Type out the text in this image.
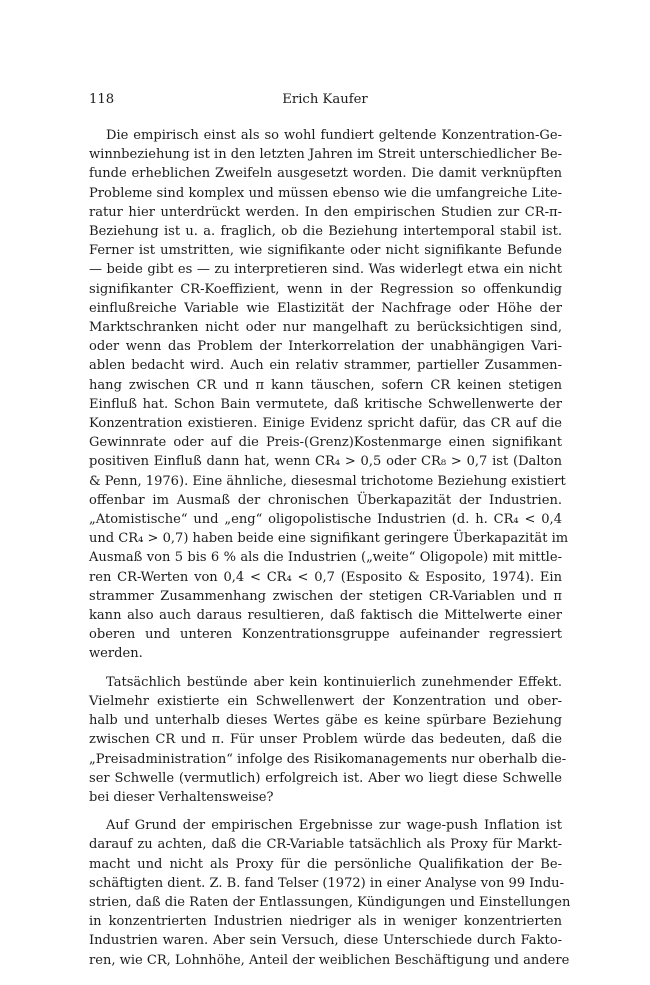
118	Erich Kaufer
Die empirisch einst als so wohl fundiert geltende Konzentration-Ge-
winnbeziehung ist in den letzten Jahren im Streit unterschiedlicher Be-
funde erheblichen Zweifeln ausgesetzt worden. Die damit verknüpften
Probleme sind komplex und müssen ebenso wie die umfangreiche Lite-
ratur hier unterdrückt werden. In den empirischen Studien zur CR-π-
Beziehung ist u. a. fraglich, ob die Beziehung intertemporal stabil ist.
Ferner ist umstritten, wie signifikante oder nicht signifikante Befunde
— beide gibt es — zu interpretieren sind. Was widerlegt etwa ein nicht
signifikanter CR-Koeffizient, wenn in der Regression so offenkundig
einflußreiche Variable wie Elastizität der Nachfrage oder Höhe der
Marktschranken nicht oder nur mangelhaft zu berücksichtigen sind,
oder wenn das Problem der Interkorrelation der unabhängigen Vari-
ablen bedacht wird. Auch ein relativ strammer, partieller Zusammen-
hang zwischen CR und π kann täuschen, sofern CR keinen stetigen
Einfluß hat. Schon Bain vermutete, daß kritische Schwellenwerte der
Konzentration existieren. Einige Evidenz spricht dafür, das CR auf die
Gewinnrate oder auf die Preis-(Grenz)Kostenmarge einen signifikant
positiven Einfluß dann hat, wenn CR₄ > 0,5 oder CR₈ > 0,7 ist (Dalton
& Penn, 1976). Eine ähnliche, diesesmal trichotome Beziehung existiert
offenbar im Ausmaß der chronischen Überkapazität der Industrien.
„Atomistische“ und „eng“ oligopolistische Industrien (d. h. CR₄ < 0,4
und CR₄ > 0,7) haben beide eine signifikant geringere Überkapazität im
Ausmaß von 5 bis 6 % als die Industrien („weite“ Oligopole) mit mittle-
ren CR-Werten von 0,4 < CR₄ < 0,7 (Esposito & Esposito, 1974). Ein
strammer Zusammenhang zwischen der stetigen CR-Variablen und π
kann also auch daraus resultieren, daß faktisch die Mittelwerte einer
oberen und unteren Konzentrationsgruppe aufeinander regressiert
werden.
Tatsächlich bestünde aber kein kontinuierlich zunehmender Effekt.
Vielmehr existierte ein Schwellenwert der Konzentration und ober-
halb und unterhalb dieses Wertes gäbe es keine spürbare Beziehung
zwischen CR und π. Für unser Problem würde das bedeuten, daß die
„Preisadministration“ infolge des Risikomanagements nur oberhalb die-
ser Schwelle (vermutlich) erfolgreich ist. Aber wo liegt diese Schwelle
bei dieser Verhaltensweise?
Auf Grund der empirischen Ergebnisse zur wage-push Inflation ist
darauf zu achten, daß die CR-Variable tatsächlich als Proxy für Markt-
macht und nicht als Proxy für die persönliche Qualifikation der Be-
schäftigten dient. Z. B. fand Telser (1972) in einer Analyse von 99 Indu-
strien, daß die Raten der Entlassungen, Kündigungen und Einstellungen
in konzentrierten Industrien niedriger als in weniger konzentrierten
Industrien waren. Aber sein Versuch, diese Unterschiede durch Fakto-
ren, wie CR, Lohnhöhe, Anteil der weiblichen Beschäftigung und andere
